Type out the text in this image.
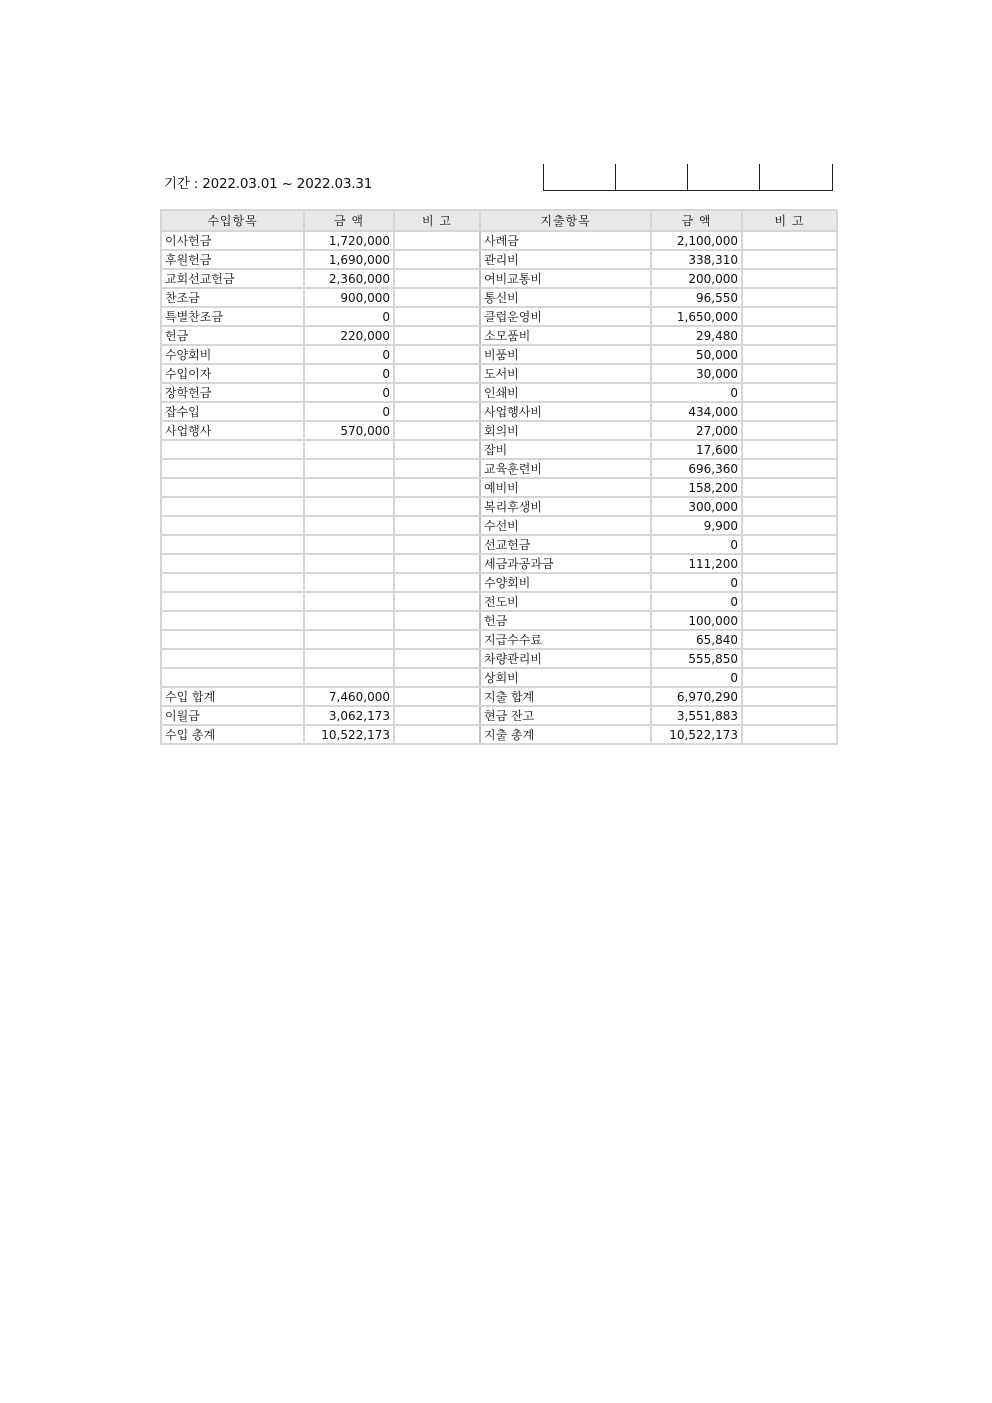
기간 : 2022.03.01 ~ 2022.03.31
수입항목	금 액	비 고	지출항목	금 액	비 고
이사헌금	1,720,000		사례금	2,100,000	
후원헌금	1,690,000		관리비	338,310	
교회선교헌금	2,360,000		여비교통비	200,000	
찬조금	900,000		통신비	96,550	
특별찬조금	0		클럽운영비	1,650,000	
헌금	220,000		소모품비	29,480	
수양회비	0		비품비	50,000	
수입이자	0		도서비	30,000	
장학헌금	0		인쇄비	0	
잡수입	0		사업행사비	434,000	
사업행사	570,000		회의비	27,000	
			잡비	17,600	
			교육훈련비	696,360	
			예비비	158,200	
			복리후생비	300,000	
			수선비	9,900	
			선교헌금	0	
			세금과공과금	111,200	
			수양회비	0	
			전도비	0	
			헌금	100,000	
			지급수수료	65,840	
			차량관리비	555,850	
			상회비	0	
수입 합계	7,460,000		지출 합계	6,970,290	
이월금	3,062,173		현금 잔고	3,551,883	
수입 총계	10,522,173		지출 총계	10,522,173	
